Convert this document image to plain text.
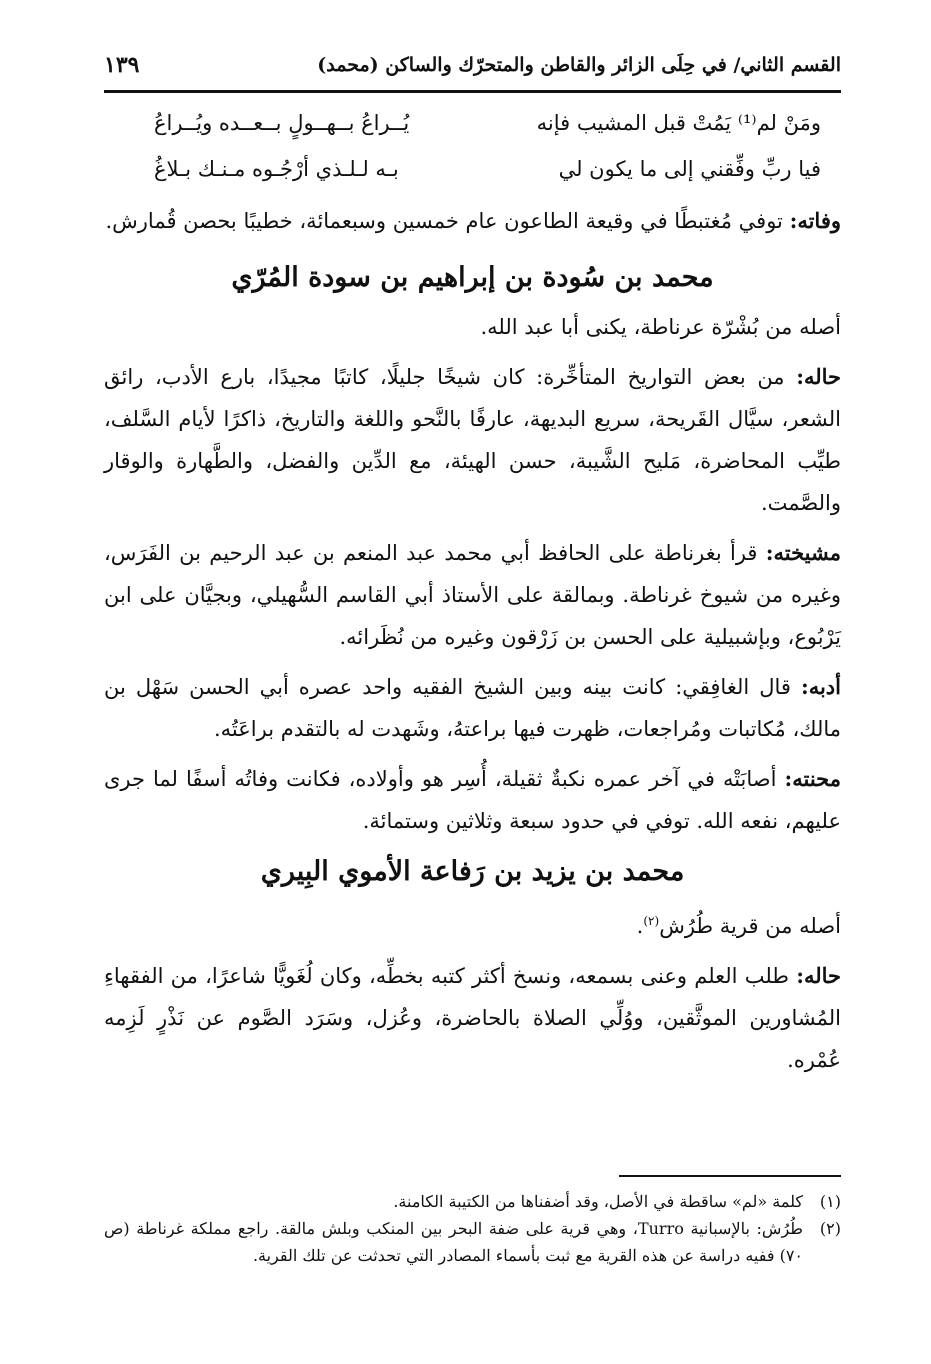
القسم الثاني/ في حِلَى الزائر والقاطن والمتحرّك والساكن (محمد)
١٣٩
ومَنْ لم⁽¹⁾ يَمُتْ قبل المشيب فإنه
يُــراعُ بــهــولٍ بــعــده ويُــراعُ
فيا ربِّ وفِّقني إلى ما يكون لي
بـه لـلـذي أرْجُـوه مـنـك بـلاغُ

وفاته: توفي مُغتبطًا في وقيعة الطاعون عام خمسين وسبعمائة، خطيبًا بحصن قُمارش.

محمد بن سُودة بن إبراهيم بن سودة المُرّي

أصله من بُشْرّة عرناطة، يكنى أبا عبد الله.

حاله: من بعض التواريخ المتأخِّرة: كان شيخًا جليلًا، كاتبًا مجيدًا، بارع الأدب، رائق الشعر، سيَّال القَريحة، سريع البديهة، عارفًا بالنَّحو واللغة والتاريخ، ذاكرًا لأيام السَّلف، طيِّب المحاضرة، مَليح الشَّيبة، حسن الهيئة، مع الدِّين والفضل، والطَّهارة والوقار والصَّمت.

مشيخته: قرأ بغرناطة على الحافظ أبي محمد عبد المنعم بن عبد الرحيم بن الفَرَس، وغيره من شيوخ غرناطة. وبمالقة على الأستاذ أبي القاسم السُّهيلي، وبجيَّان على ابن يَرْبُوع، وبإشبيلية على الحسن بن زَرْقون وغيره من نُظَرائه.

أدبه: قال الغافِقي: كانت بينه وبين الشيخ الفقيه واحد عصره أبي الحسن سَهْل بن مالك، مُكاتبات ومُراجعات، ظهرت فيها براعتهُ، وشَهدت له بالتقدم براعَتُه.

محنته: أصابَتْه في آخر عمره نكبةٌ ثقيلة، أُسِر هو وأولاده، فكانت وفاتُه أسفًا لما جرى عليهم، نفعه الله. توفي في حدود سبعة وثلاثين وستمائة.

محمد بن يزيد بن رَفاعة الأموي البِيري

أصله من قرية طُرُش$^{(٢)}$.

حاله: طلب العلم وعنى بسمعه، ونسخ أكثر كتبه بخطِّه، وكان لُغَويًّا شاعرًا، من الفقهاءِ المُشاورين الموثَّقين، ووُلِّي الصلاة بالحاضرة، وعُزل، وسَرَد الصَّوم عن نَذْرٍ لَزِمه عُمْره.

(١)
كلمة «لم» ساقطة في الأصل، وقد أضفناها من الكتيبة الكامنة.
(٢)
طُرُش: بالإسبانية Turro، وهي قرية على ضفة البحر بين المنكب وبلش مالقة. راجع مملكة غرناطة (ص ٧٠) ففيه دراسة عن هذه القرية مع ثبت بأسماء المصادر التي تحدثت عن تلك القرية.
